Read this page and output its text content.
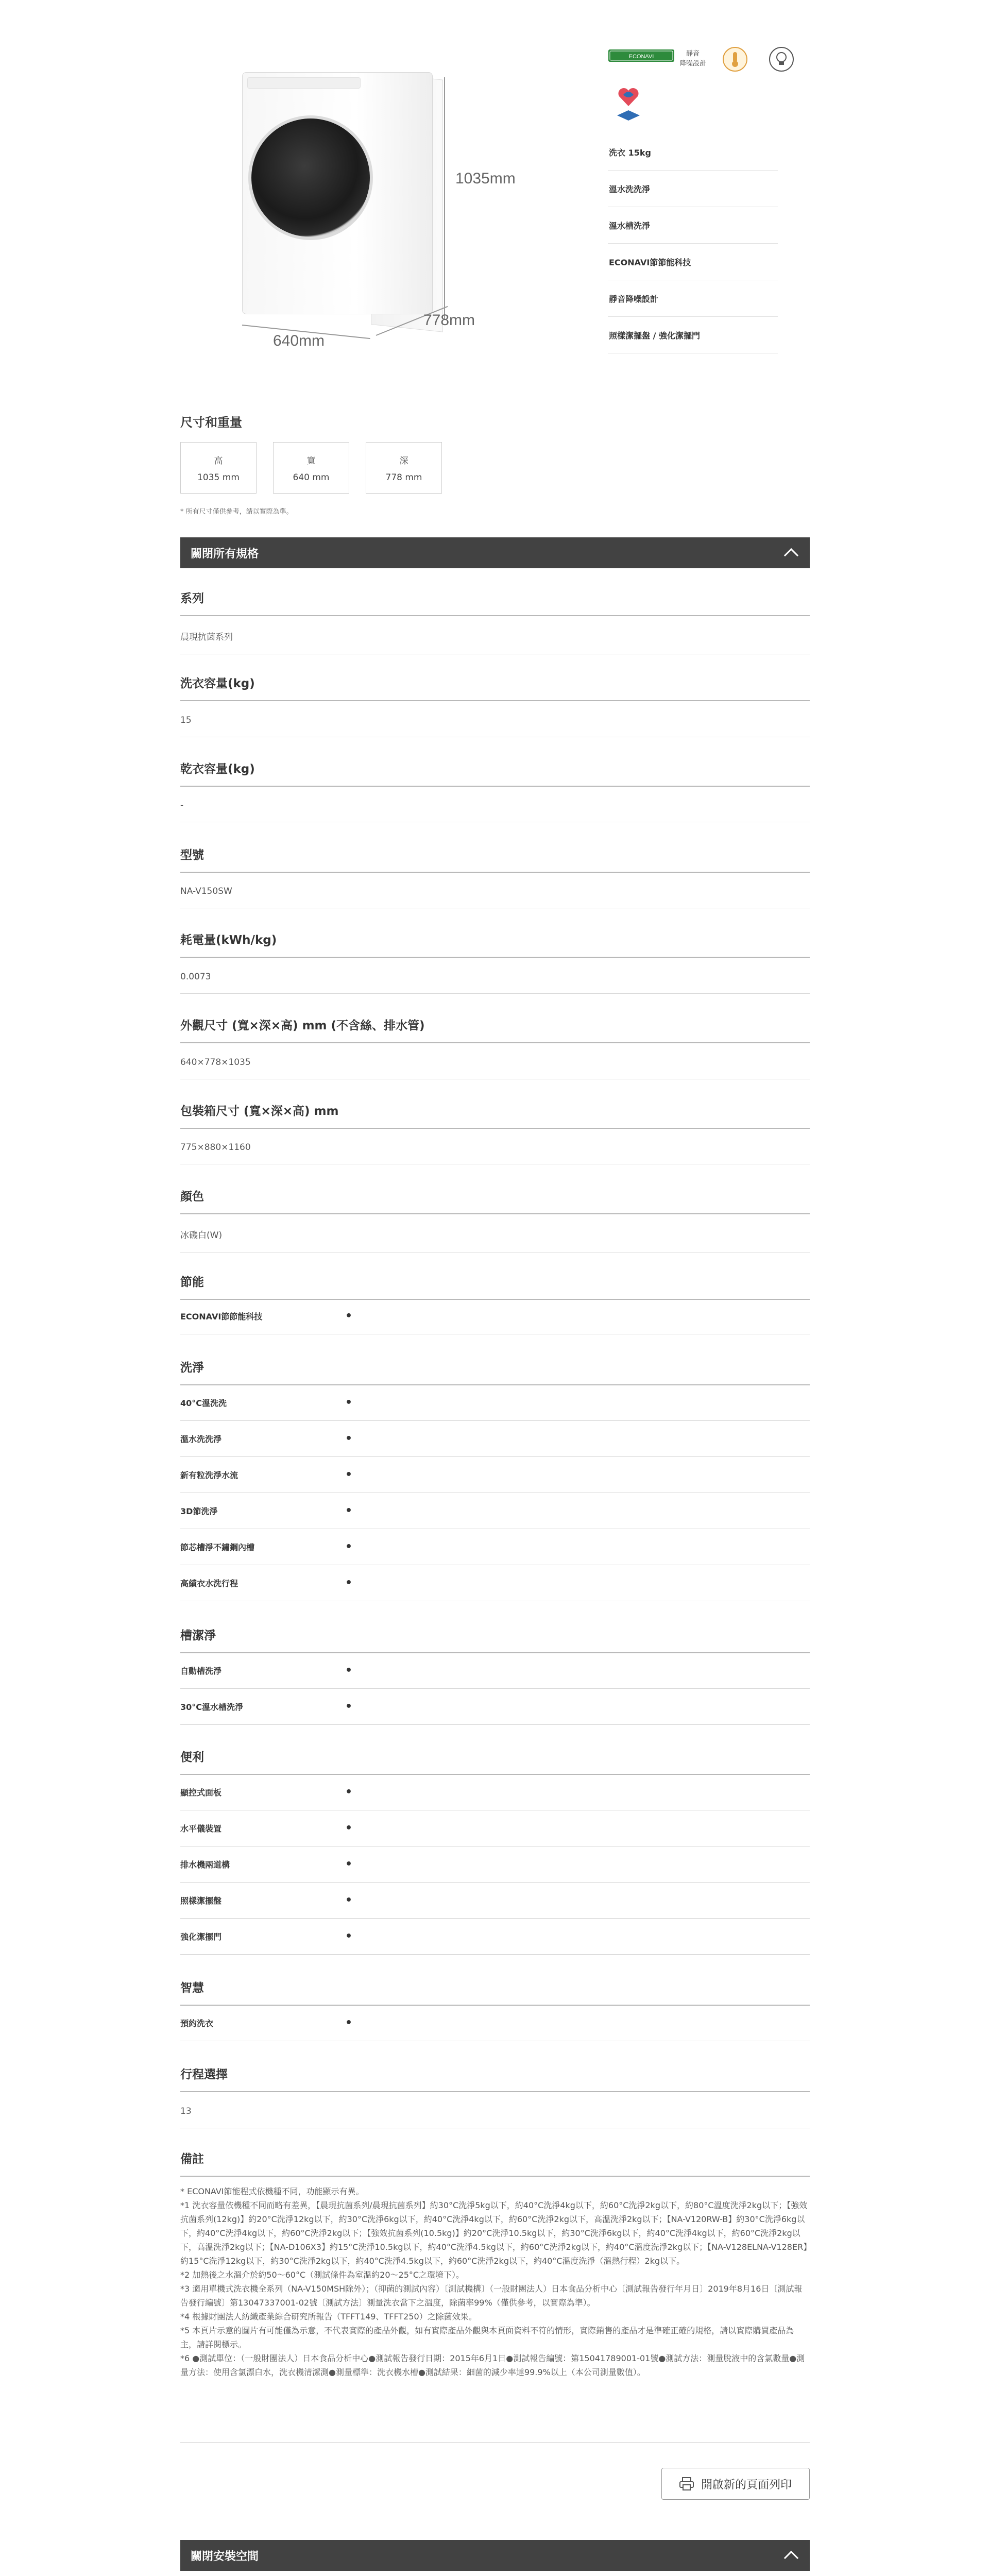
1035mm
640mm
778mm
ECONAVI	靜音
降噪設計
洗衣 15kg
溫水洗洗淨
溫水槽洗淨
ECONAVI節節能科技
靜音降噪設計
照樣潔擺盤 / 強化潔擺門
尺寸和重量
高
1035 mm
寬
640 mm
深
778 mm
* 所有尺寸僅供參考，請以實際為準。
關閉所有規格
系列
晨現抗菌系列
洗衣容量(kg)
15
乾衣容量(kg)
-
型號
NA-V150SW
耗電量(kWh/kg)
0.0073
外觀尺寸 (寬×深×高) mm (不含絲、排水管)
640×778×1035
包裝箱尺寸 (寬×深×高) mm
775×880×1160
顏色
冰磯白(W)
節能
ECONAVI節節能科技	•
洗淨
40°C溫洗洗	•
溫水洗洗淨	•
新有粒洗淨水流	•
3D節洗淨	•
節芯槽淨不鏽鋼內槽	•
高績衣水洗行程	•
槽潔淨
自動槽洗淨	•
30°C溫水槽洗淨	•
便利
顯控式面板	•
水平儀裝置	•
排水機兩道構	•
照樣潔擺盤	•
強化潔擺門	•
智慧
預約洗衣	•
行程選擇
13
備註

* ECONAVI節能程式依機種不同，功能顯示有異。

*1 洗衣容量依機種不同而略有差異，【晨現抗菌系列/晨現抗菌系列】約30°C洗淨5kg以下，約40°C洗淨4kg以下，約60°C洗淨2kg以下，約80°C溫度洗淨2kg以下；【強效抗菌系列(12kg)】約20°C洗淨12kg以下，約30°C洗淨6kg以下，約40°C洗淨4kg以下，約60°C洗淨2kg以下，高溫洗淨2kg以下；【NA-V120RW-B】約30°C洗淨6kg以下，約40°C洗淨4kg以下，約60°C洗淨2kg以下；【強效抗菌系列(10.5kg)】約20°C洗淨10.5kg以下，約30°C洗淨6kg以下，約40°C洗淨4kg以下，約60°C洗淨2kg以下，高溫洗淨2kg以下；【NA-D106X3】約15°C洗淨10.5kg以下，約40°C洗淨4.5kg以下，約60°C洗淨2kg以下，約40°C溫度洗淨2kg以下；【NA-V128ELNA-V128ER】約15°C洗淨12kg以下，約30°C洗淨2kg以下，約40°C洗淨4.5kg以下，約60°C洗淨2kg以下，約40°C溫度洗淨（溫熱行程）2kg以下。

*2 加熱後之水溫介於約50～60°C（測試條件為室溫約20～25°C之環境下）。

*3 適用單機式洗衣機全系列（NA-V150MSH除外）；（抑菌的測試內容）〔測試機構〕（一般財團法人）日本食品分析中心〔測試報告發行年月日〕2019年8月16日〔測試報告發行編號〕第13047337001-02號〔測試方法〕測量洗衣當下之溫度，除菌率99%（僅供參考，以實際為準）。

*4 根據財團法人紡織產業綜合研究所報告（TFFT149、TFFT250）之除菌效果。

*5 本頁片示意的圖片有可能僅為示意，不代表實際的產品外觀，如有實際產品外觀與本頁面資料不符的情形，實際銷售的產品才是準確正確的規格，請以實際購買產品為主，請詳閱標示。

*6 ●測試單位：（一般財團法人）日本食品分析中心●測試報告發行日期：2015年6月1日●測試報告編號：第15041789001-01號●測試方法：測量脫液中的含氯數量●測量方法：使用含氯漂白水，洗衣機清潔測●測量標準：洗衣機水槽●測試結果：細菌的減少率達99.9%以上（本公司測量數值）。

開啟新的頁面列印
關閉安裝空間
